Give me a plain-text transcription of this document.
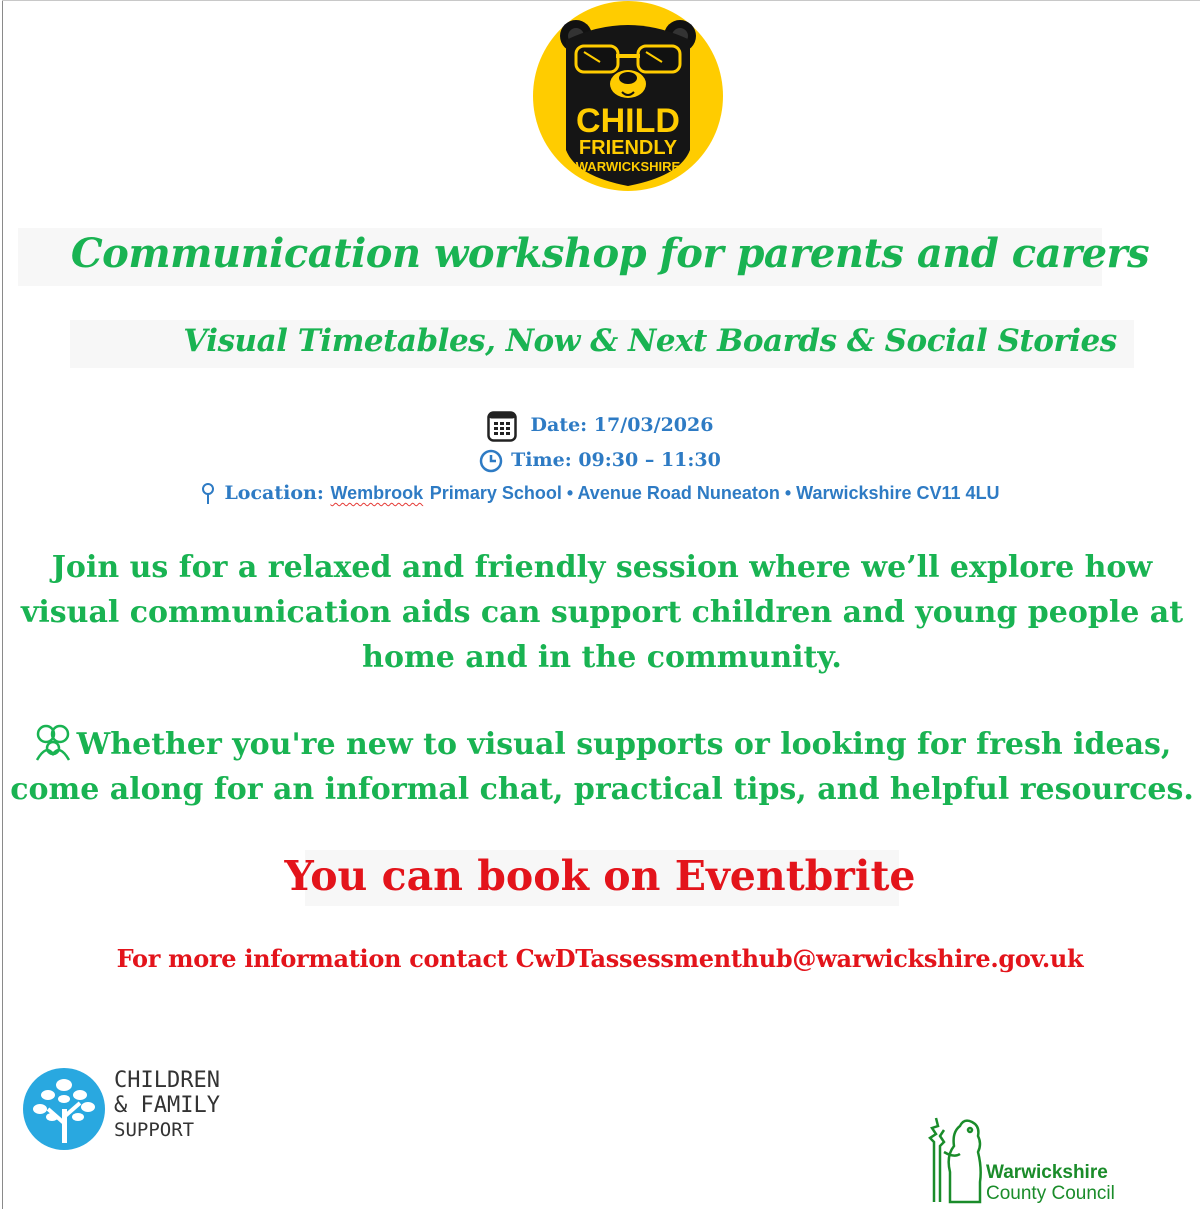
CHILD
FRIENDLY
WARWICKSHIRE
Communication workshop for parents and carers
Visual Timetables, Now & Next Boards & Social Stories
Date: 17/03/2026
Time: 09:30 – 11:30
Location: Wembrook Primary School • Avenue Road Nuneaton • Warwickshire CV11 4LU
Join us for a relaxed and friendly session where we’ll explore how visual communication aids can support children and young people at home and in the community.
Whether you're new to visual supports or looking for fresh ideas, come along for an informal chat, practical tips, and helpful resources.
You can book on Eventbrite
For more information contact CwDTassessmenthub@warwickshire.gov.uk
CHILDREN
& FAMILY
SUPPORT
Warwickshire
County Council
